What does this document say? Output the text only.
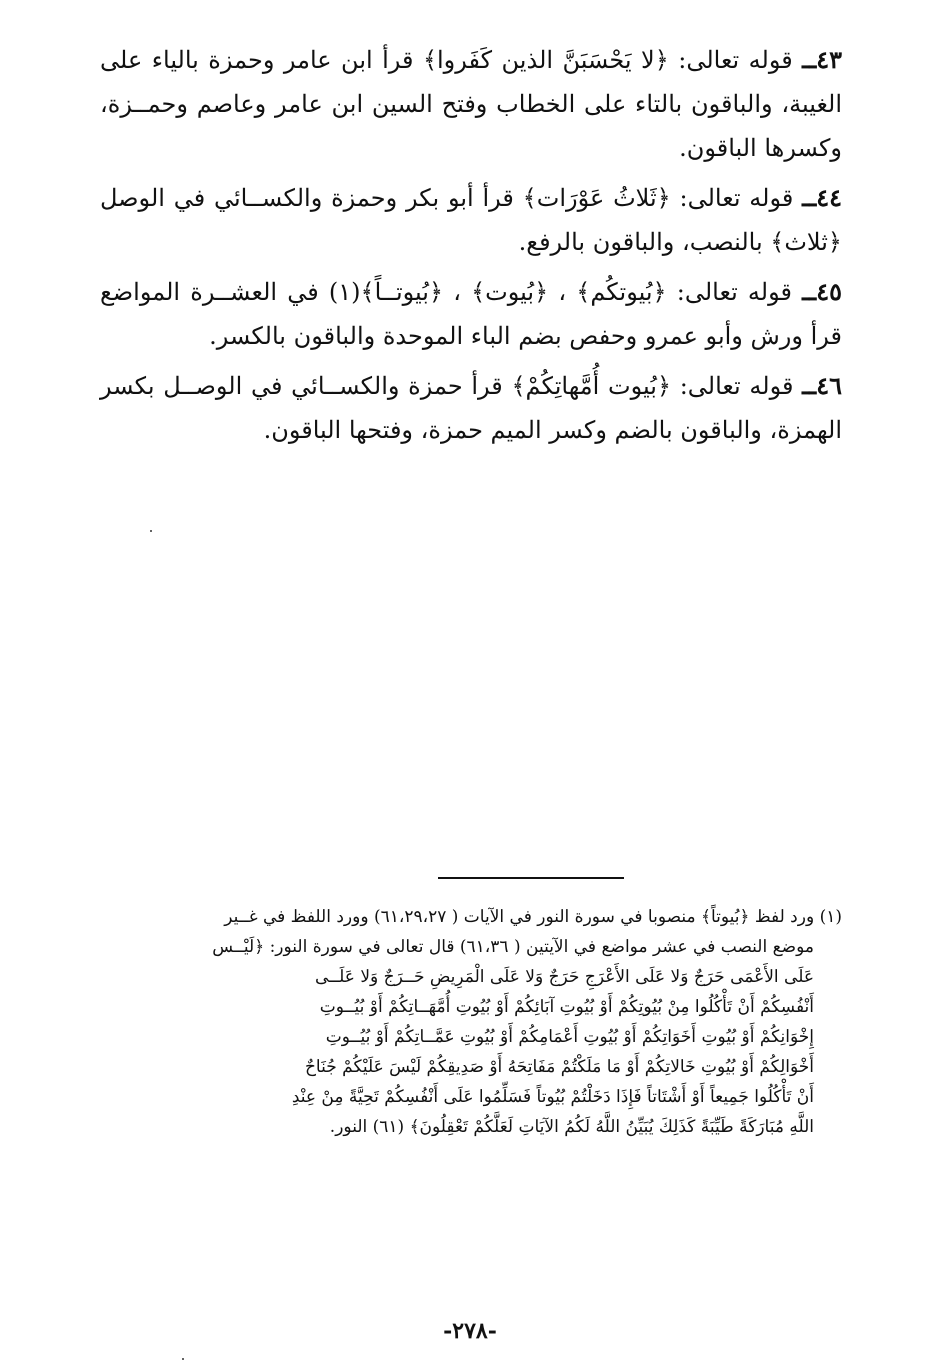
٤٣ــ قوله تعالى: ﴿لا يَحْسَبَنَّ الذين كَفَروا﴾ قرأ ابن عامر وحمزة بالياء على الغيبة، والباقون بالتاء على الخطاب وفتح السين ابن عامر وعاصم وحمــزة، وكسرها الباقون.

٤٤ــ قوله تعالى: ﴿ثَلاثُ عَوْرَات﴾ قرأ أبو بكر وحمزة والكســائي في الوصل ﴿ثلاث﴾ بالنصب، والباقون بالرفع.

٤٥ــ قوله تعالى: ﴿بُيوتكُم﴾ ، ﴿بُيوت﴾ ، ﴿بُيوتــاً﴾(١) في العشــرة المواضع قرأ ورش وأبو عمرو وحفص بضم الباء الموحدة والباقون بالكسر.

٤٦ــ قوله تعالى: ﴿بُيوت أُمَّهاتِكُمْ﴾ قرأ حمزة والكســائي في الوصــل بكسر الهمزة، والباقون بالضم وكسر الميم حمزة، وفتحها الباقون.

(١) ورد لفظ ﴿بُيوتاً﴾ منصوبا في سورة النور في الآيات ( ٦١،٢٩،٢٧) وورد اللفظ في غــير
موضع النصب في عشر مواضع في الآيتين ( ٦١،٣٦) قال تعالى في سورة النور: ﴿لَيْــس
عَلَى الأَعْمَى حَرَجٌ وَلا عَلَى الأَعْرَجِ حَرَجٌ وَلا عَلَى الْمَرِيضِ حَــرَجٌ وَلا عَلَــى
أَنْفُسِكُمْ أَنْ تَأْكُلُوا مِنْ بُيُوتِكُمْ أَوْ بُيُوتِ آبَائِكُمْ أَوْ بُيُوتِ أُمَّهَــاتِكُمْ أَوْ بُيُــوتِ
إِخْوَانِكُمْ أَوْ بُيُوتِ أَخَوَاتِكُمْ أَوْ بُيُوتِ أَعْمَامِكُمْ أَوْ بُيُوتِ عَمَّــاتِكُمْ أَوْ بُيُــوتِ
أَخْوَالِكُمْ أَوْ بُيُوتِ خَالاتِكُمْ أَوْ مَا مَلَكْتُمْ مَفَاتِحَهُ أَوْ صَدِيقِكُمْ لَيْسَ عَلَيْكُمْ جُنَاحٌ
أَنْ تَأْكُلُوا جَمِيعاً أَوْ أَشْتَاتاً فَإِذَا دَخَلْتُمْ بُيُوتاً فَسَلِّمُوا عَلَى أَنْفُسِكُمْ تَحِيَّةً مِنْ عِنْدِ
اللَّهِ مُبَارَكَةً طَيِّبَةً كَذَلِكَ يُبَيِّنُ اللَّهُ لَكُمُ الآيَاتِ لَعَلَّكُمْ تَعْقِلُونَ﴾ (٦١) النور.
-٢٧٨-
